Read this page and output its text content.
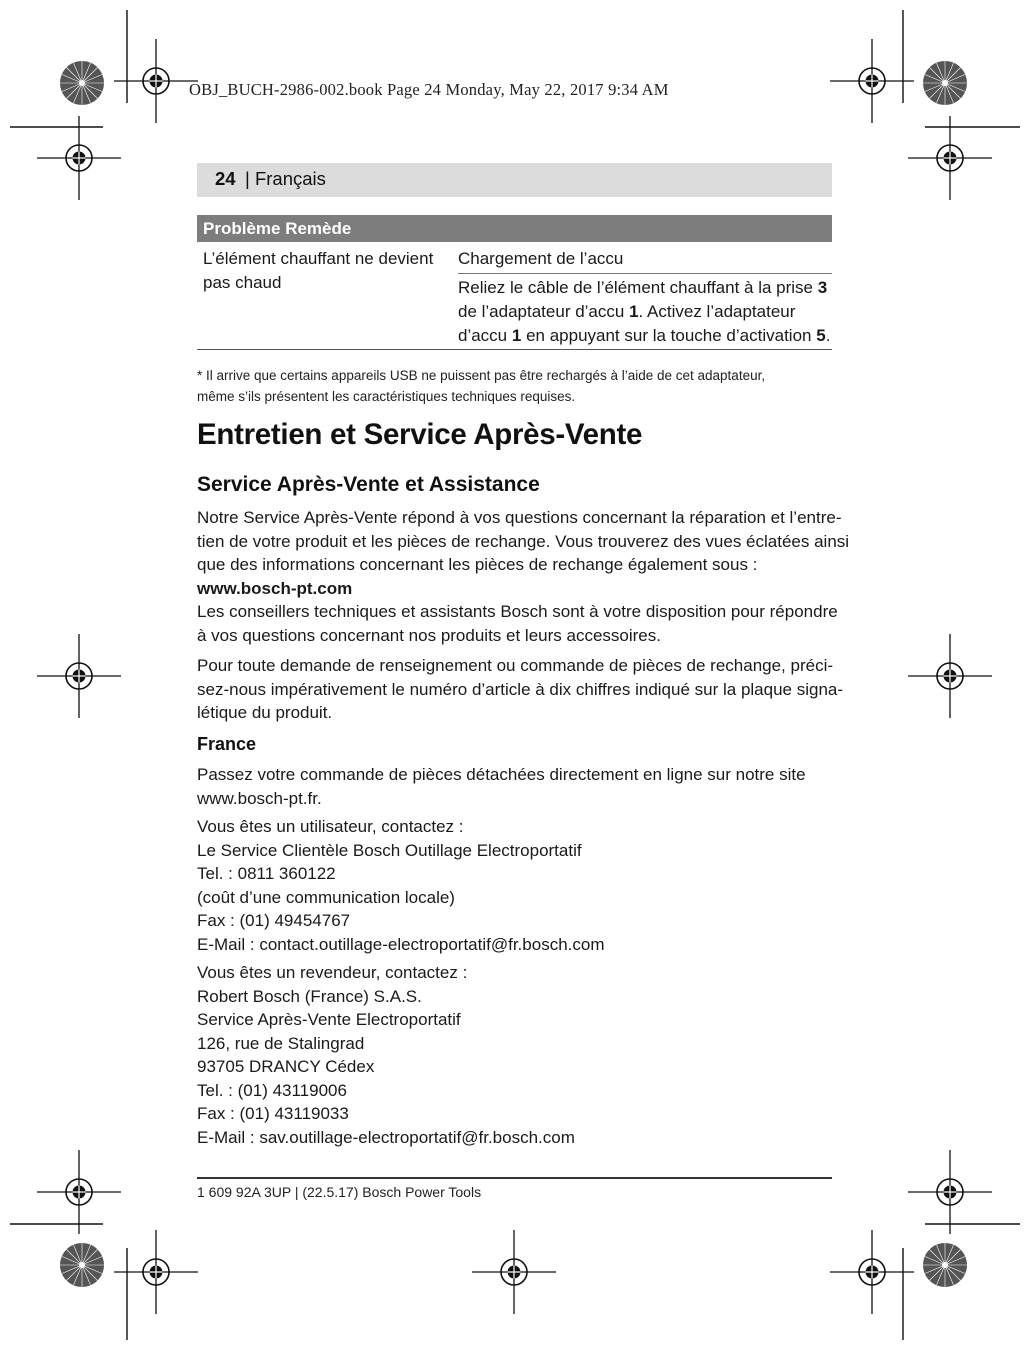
OBJ_BUCH-2986-002.book Page 24 Monday, May 22, 2017 9:34 AM
24 | Français
Problème Remède
L’élément chauffant ne devient
pas chaud
Chargement de l’accu
Reliez le câble de l’élément chauffant à la prise 3
de l’adaptateur d’accu 1. Activez l’adaptateur
d’accu 1 en appuyant sur la touche d’activation 5.
* Il arrive que certains appareils USB ne puissent pas être rechargés à l’aide de cet adaptateur,
même s’ils présentent les caractéristiques techniques requises.
Entretien et Service Après-Vente
Service Après-Vente et Assistance
Notre Service Après-Vente répond à vos questions concernant la réparation et l’entre-
tien de votre produit et les pièces de rechange. Vous trouverez des vues éclatées ainsi
que des informations concernant les pièces de rechange également sous :
www.bosch-pt.com
Les conseillers techniques et assistants Bosch sont à votre disposition pour répondre
à vos questions concernant nos produits et leurs accessoires.
Pour toute demande de renseignement ou commande de pièces de rechange, préci-
sez-nous impérativement le numéro d’article à dix chiffres indiqué sur la plaque signa-
létique du produit.
France
Passez votre commande de pièces détachées directement en ligne sur notre site
www.bosch-pt.fr.
Vous êtes un utilisateur, contactez :
Le Service Clientèle Bosch Outillage Electroportatif
Tel. : 0811 360122
(coût d’une communication locale)
Fax : (01) 49454767
E-Mail : contact.outillage-electroportatif@fr.bosch.com
Vous êtes un revendeur, contactez :
Robert Bosch (France) S.A.S.
Service Après-Vente Electroportatif
126, rue de Stalingrad
93705 DRANCY Cédex
Tel. : (01) 43119006
Fax : (01) 43119033
E-Mail : sav.outillage-electroportatif@fr.bosch.com
1 609 92A 3UP | (22.5.17) Bosch Power Tools
